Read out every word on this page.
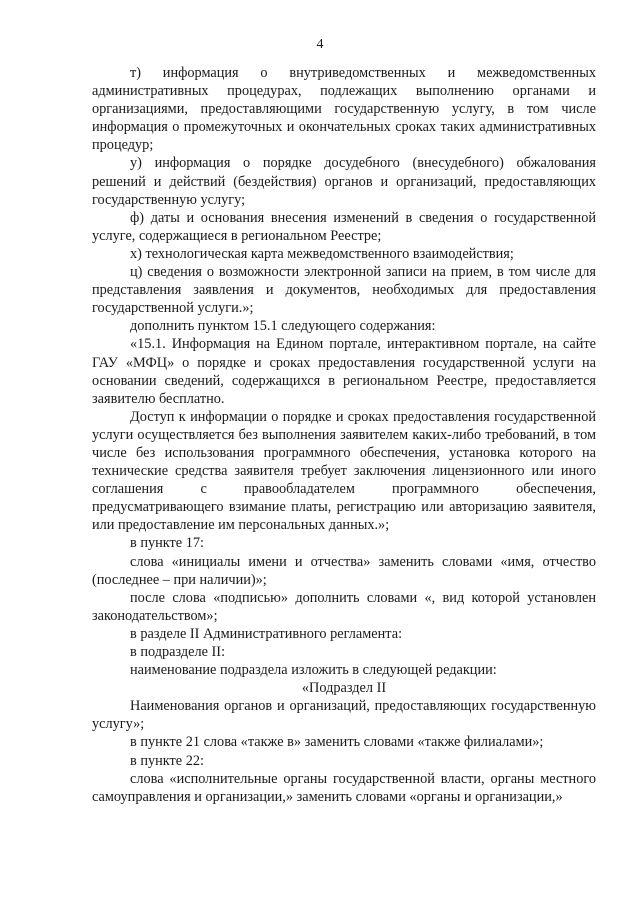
4

т) информация о внутриведомственных и межведомственных административных процедурах, подлежащих выполнению органами и организациями, предоставляющими государственную услугу, в том числе информация о промежуточных и окончательных сроках таких административных процедур;

у) информация о порядке досудебного (внесудебного) обжалования решений и действий (бездействия) органов и организаций, предоставляющих государственную услугу;

ф) даты и основания внесения изменений в сведения о государственной услуге, содержащиеся в региональном Реестре;

х) технологическая карта межведомственного взаимодействия;

ц) сведения о возможности электронной записи на прием, в том числе для представления заявления и документов, необходимых для предоставления государственной услуги.»;

дополнить пунктом 15.1 следующего содержания:

«15.1. Информация на Едином портале, интерактивном портале, на сайте ГАУ «МФЦ» о порядке и сроках предоставления государственной услуги на основании сведений, содержащихся в региональном Реестре, предоставляется заявителю бесплатно.

Доступ к информации о порядке и сроках предоставления государственной услуги осуществляется без выполнения заявителем каких-либо требований, в том числе без использования программного обеспечения, установка которого на технические средства заявителя требует заключения лицензионного или иного соглашения с правообладателем программного обеспечения, предусматривающего взимание платы, регистрацию или авторизацию заявителя, или предоставление им персональных данных.»;

в пункте 17:

слова «инициалы имени и отчества» заменить словами «имя, отчество (последнее – при наличии)»;

после слова «подписью» дополнить словами «, вид которой установлен законодательством»;

в разделе II Административного регламента:

в подразделе II:

наименование подраздела изложить в следующей редакции:

«Подраздел II

Наименования органов и организаций, предоставляющих государственную услугу»;

в пункте 21 слова «также в» заменить словами «также филиалами»;

в пункте 22:

слова «исполнительные органы государственной власти, органы местного самоуправления и организации,» заменить словами «органы и организации,»
